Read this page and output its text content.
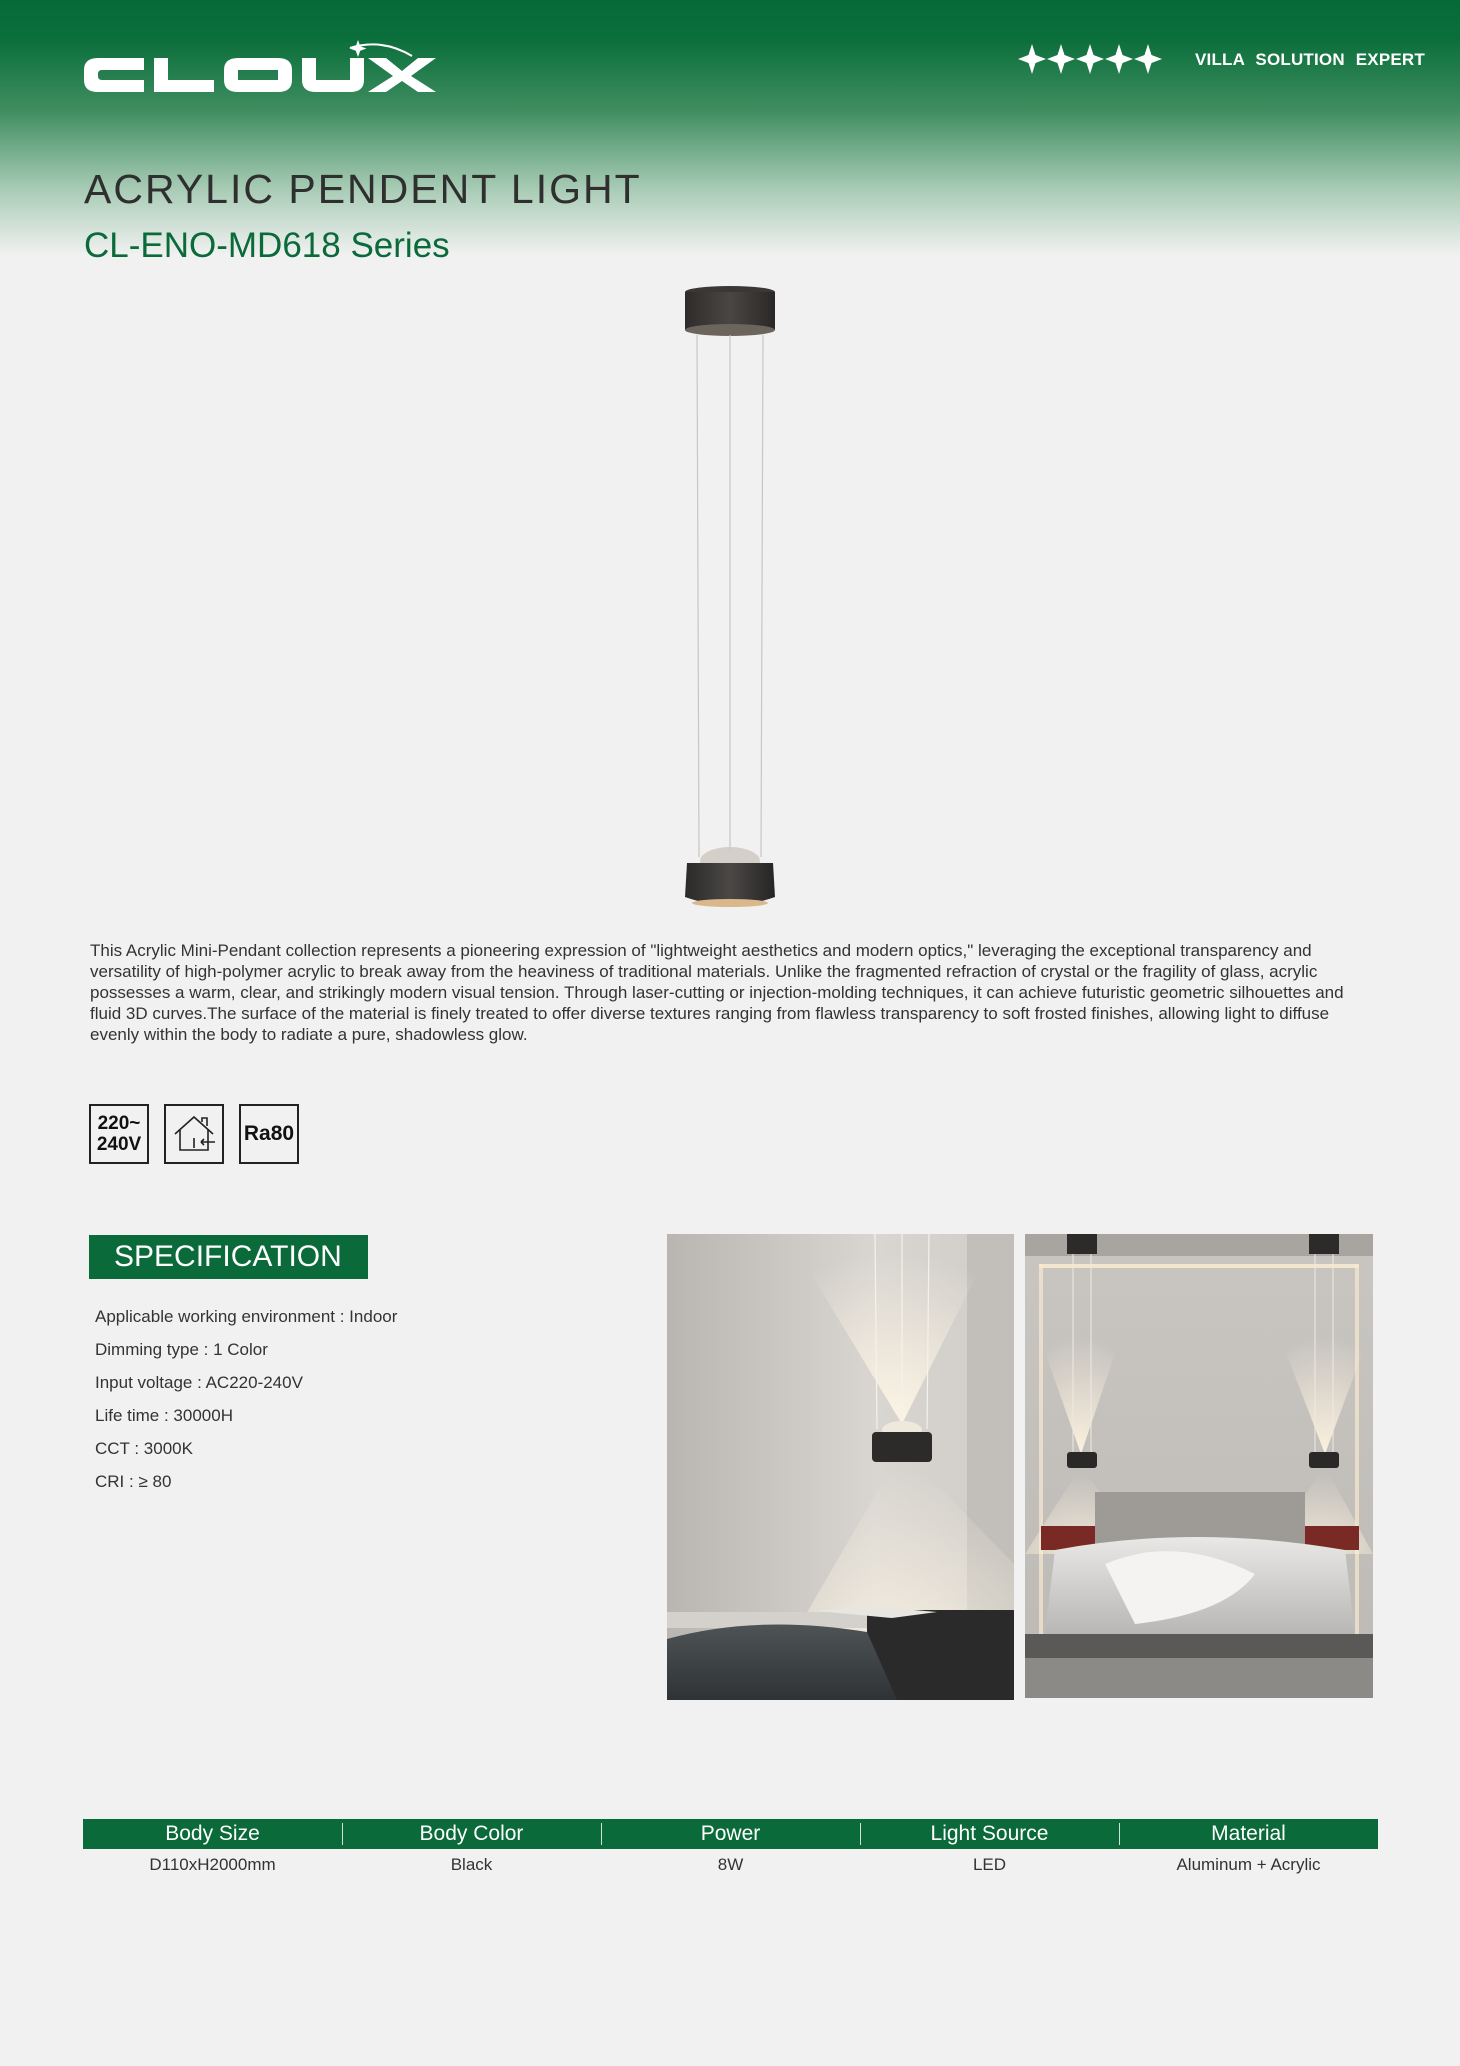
VILLA SOLUTION EXPERT
ACRYLIC PENDENT LIGHT
CL-ENO-MD618 Series

This Acrylic Mini-Pendant collection represents a pioneering expression of "lightweight aesthetics and modern optics," leveraging the exceptional transparency and versatility of high-polymer acrylic to break away from the heaviness of traditional materials. Unlike the fragmented refraction of crystal or the fragility of glass, acrylic possesses a warm, clear, and strikingly modern visual tension. Through laser-cutting or injection-molding techniques, it can achieve futuristic geometric silhouettes and fluid 3D curves.The surface of the material is finely treated to offer diverse textures ranging from flawless transparency to soft frosted finishes, allowing light to diffuse evenly within the body to radiate a pure, shadowless glow.

220~
240V	Ra80
SPECIFICATION
Applicable working environment : Indoor
Dimming type : 1 Color
Input voltage : AC220-240V
Life time : 30000H
CCT : 3000K
CRI : ≥ 80
Body Size	Body Color	Power	Light Source	Material
D110xH2000mm	Black	8W	LED	Aluminum + Acrylic
